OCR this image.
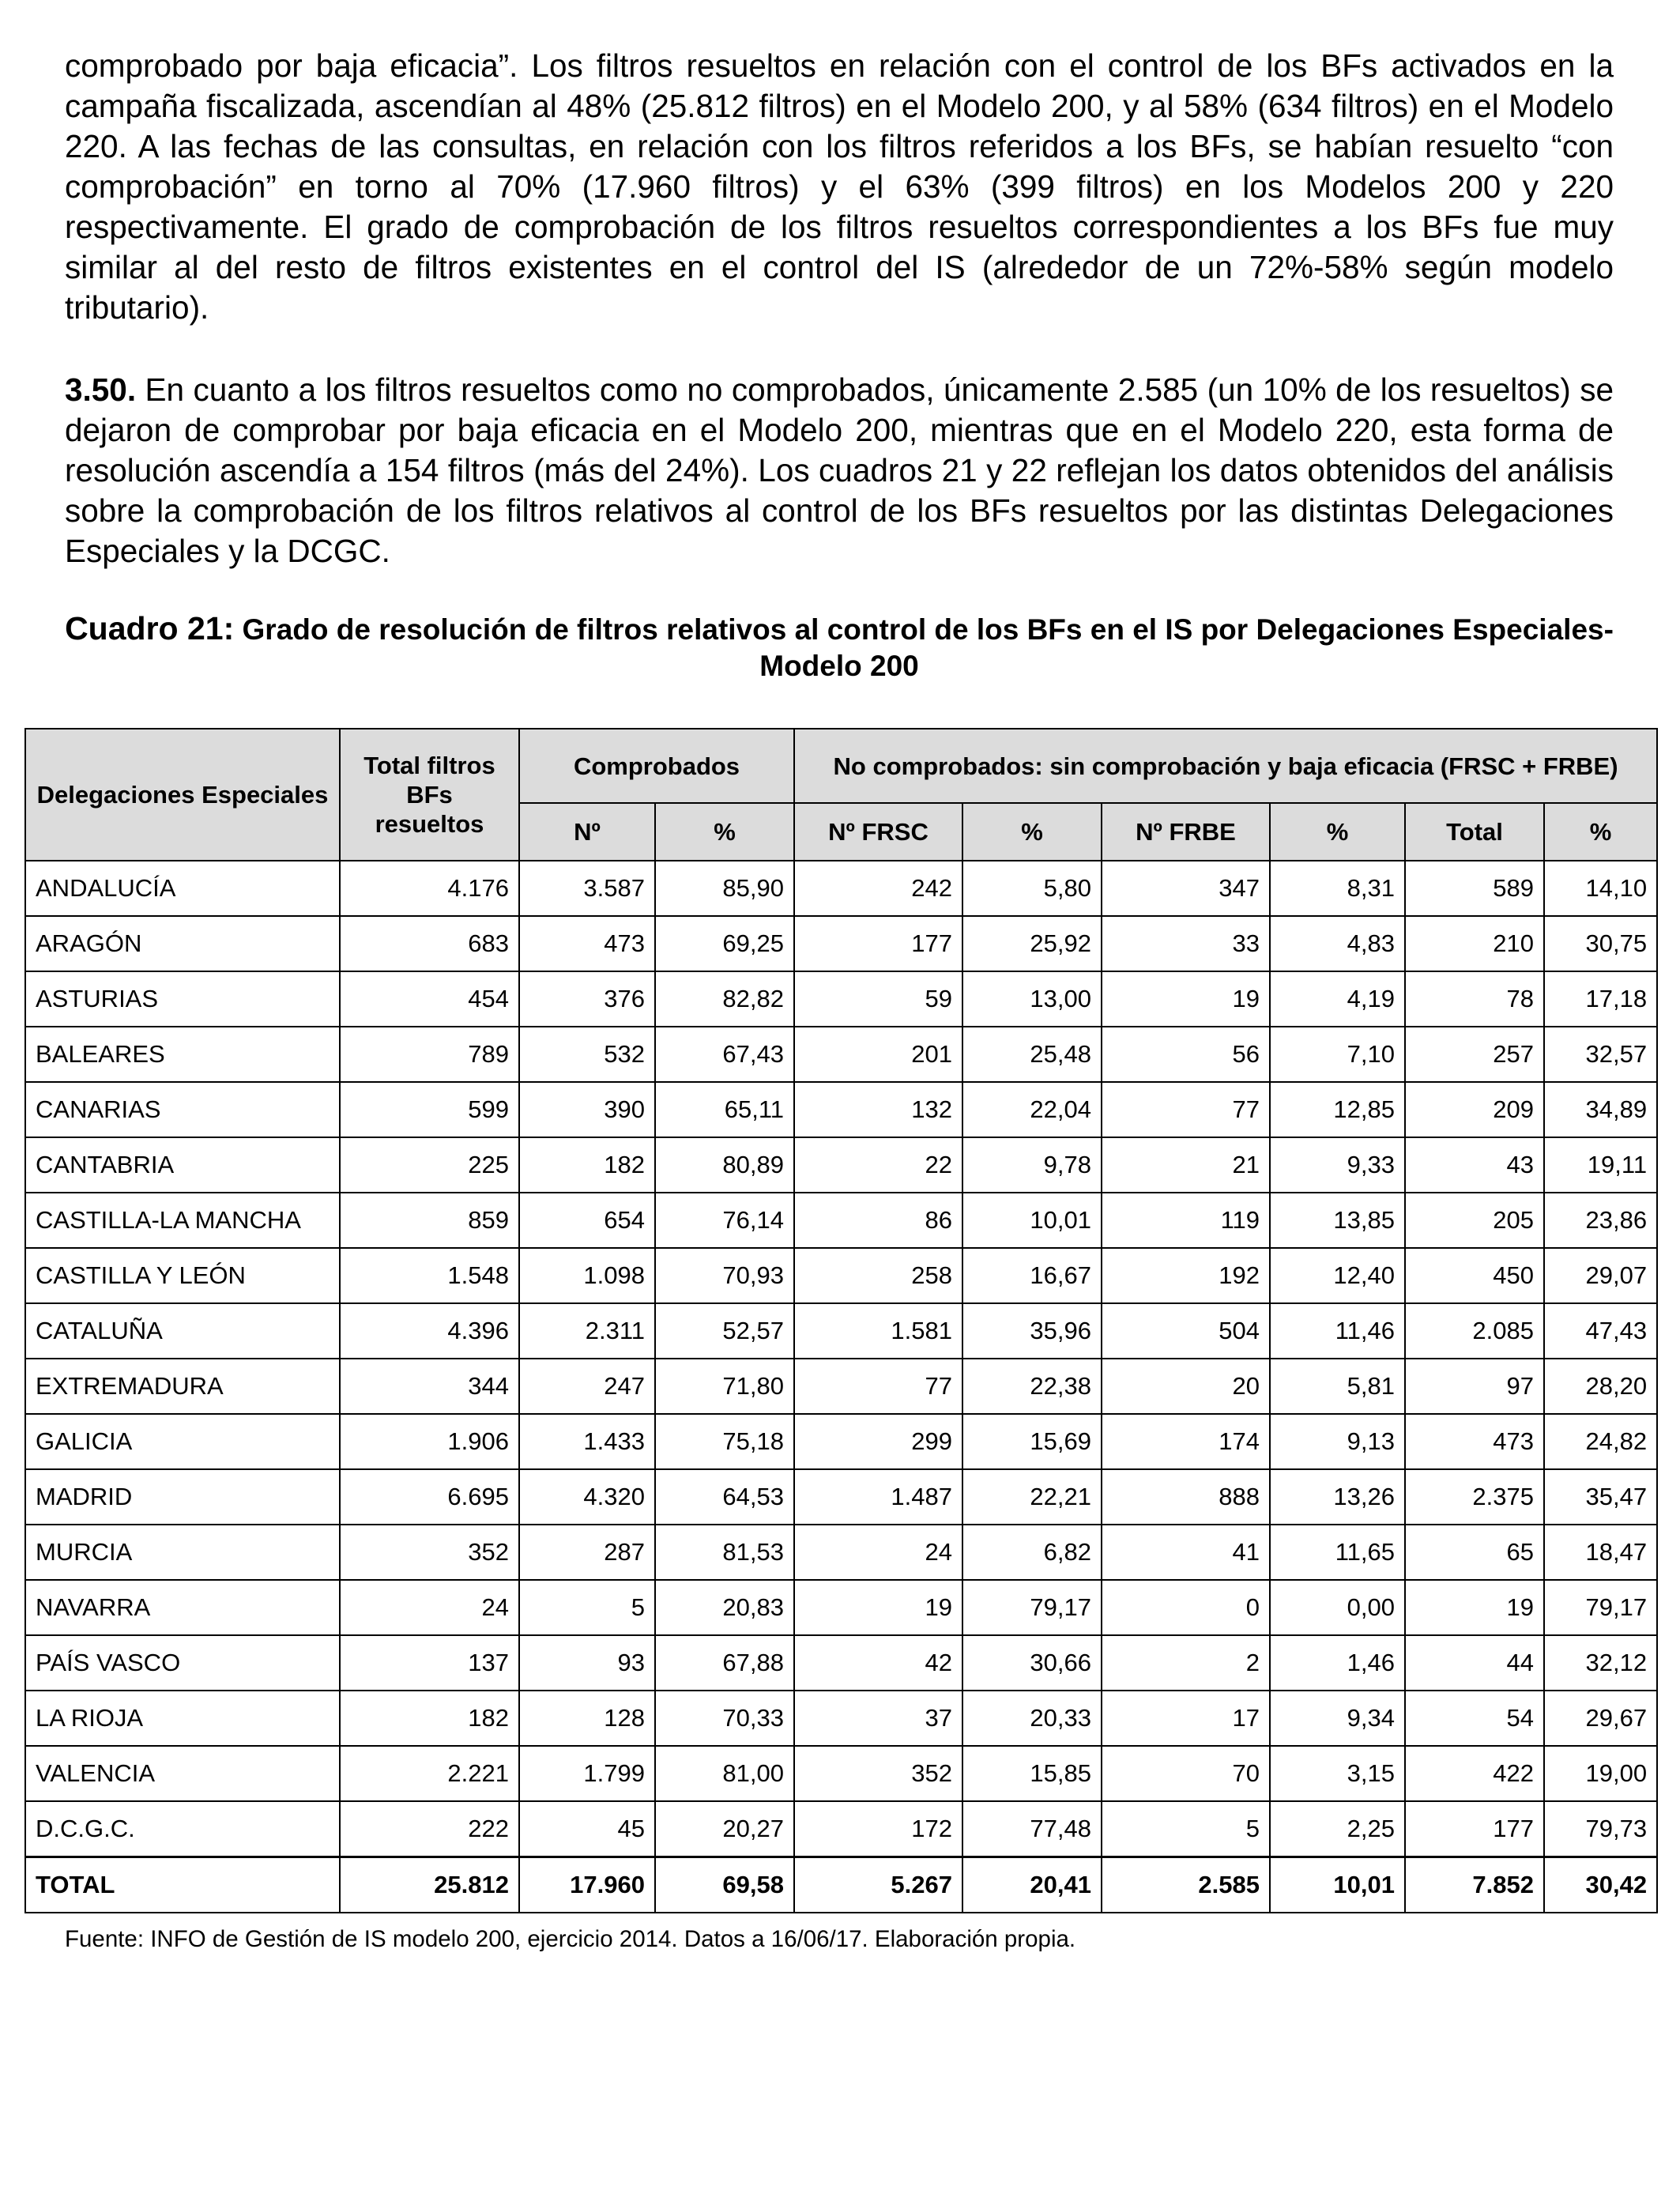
comprobado por baja eficacia”. Los filtros resueltos en relación con el control de los BFs activados en la campaña fiscalizada, ascendían al 48% (25.812 filtros) en el Modelo 200, y al 58% (634 filtros) en el Modelo 220. A las fechas de las consultas, en relación con los filtros referidos a los BFs, se habían resuelto “con comprobación” en torno al 70% (17.960 filtros) y el 63% (399 filtros) en los Modelos 200 y 220 respectivamente. El grado de comprobación de los filtros resueltos correspondientes a los BFs fue muy similar al del resto de filtros existentes en el control del IS (alrededor de un 72%-58% según modelo tributario).

3.50. En cuanto a los filtros resueltos como no comprobados, únicamente 2.585 (un 10% de los resueltos) se dejaron de comprobar por baja eficacia en el Modelo 200, mientras que en el Modelo 220, esta forma de resolución ascendía a 154 filtros (más del 24%). Los cuadros 21 y 22 reflejan los datos obtenidos del análisis sobre la comprobación de los filtros relativos al control de los BFs resueltos por las distintas Delegaciones Especiales y la DCGC.

Cuadro 21: Grado de resolución de filtros relativos al control de los BFs en el IS por Delegaciones Especiales- Modelo 200
Delegaciones Especiales	Total filtros BFs resueltos	Comprobados		No comprobados: sin comprobación y baja eficacia (FRSC + FRBE)					
		Nº	%	Nº FRSC	%	Nº FRBE	%	Total	%
ANDALUCÍA	4.176	3.587	85,90	242	5,80	347	8,31	589	14,10
ARAGÓN	683	473	69,25	177	25,92	33	4,83	210	30,75
ASTURIAS	454	376	82,82	59	13,00	19	4,19	78	17,18
BALEARES	789	532	67,43	201	25,48	56	7,10	257	32,57
CANARIAS	599	390	65,11	132	22,04	77	12,85	209	34,89
CANTABRIA	225	182	80,89	22	9,78	21	9,33	43	19,11
CASTILLA-LA MANCHA	859	654	76,14	86	10,01	119	13,85	205	23,86
CASTILLA Y LEÓN	1.548	1.098	70,93	258	16,67	192	12,40	450	29,07
CATALUÑA	4.396	2.311	52,57	1.581	35,96	504	11,46	2.085	47,43
EXTREMADURA	344	247	71,80	77	22,38	20	5,81	97	28,20
GALICIA	1.906	1.433	75,18	299	15,69	174	9,13	473	24,82
MADRID	6.695	4.320	64,53	1.487	22,21	888	13,26	2.375	35,47
MURCIA	352	287	81,53	24	6,82	41	11,65	65	18,47
NAVARRA	24	5	20,83	19	79,17	0	0,00	19	79,17
PAÍS VASCO	137	93	67,88	42	30,66	2	1,46	44	32,12
LA RIOJA	182	128	70,33	37	20,33	17	9,34	54	29,67
VALENCIA	2.221	1.799	81,00	352	15,85	70	3,15	422	19,00
D.C.G.C.	222	45	20,27	172	77,48	5	2,25	177	79,73
TOTAL	25.812	17.960	69,58	5.267	20,41	2.585	10,01	7.852	30,42
Fuente: INFO de Gestión de IS modelo 200, ejercicio 2014. Datos a 16/06/17. Elaboración propia.
